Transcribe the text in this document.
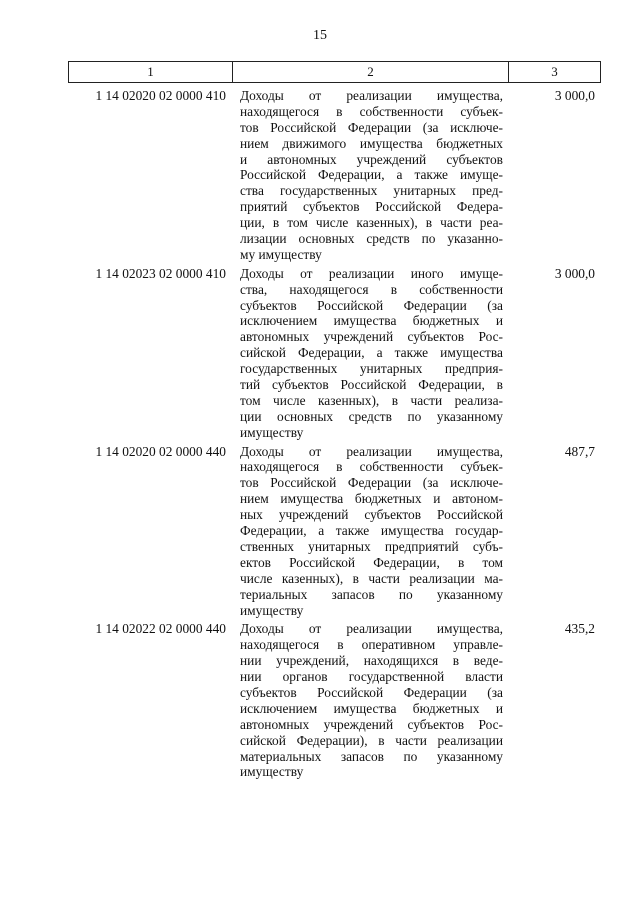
15
1	2	3
1 14 02020 02 0000 410 Доходы от реализации имущества,
находящегося в собственности субъек-
тов Российской Федерации (за исключе-
нием движимого имущества бюджетных
и автономных учреждений субъектов
Российской Федерации, а также имуще-
ства государственных унитарных пред-
приятий субъектов Российской Федера-
ции, в том числе казенных), в части реа-
лизации основных средств по указанно-
му имуществу
3 000,0
1 14 02023 02 0000 410 Доходы от реализации иного имуще-
ства, находящегося в собственности
субъектов Российской Федерации (за
исключением имущества бюджетных и
автономных учреждений субъектов Рос-
сийской Федерации, а также имущества
государственных унитарных предприя-
тий субъектов Российской Федерации, в
том числе казенных), в части реализа-
ции основных средств по указанному
имуществу
3 000,0
1 14 02020 02 0000 440 Доходы от реализации имущества,
находящегося в собственности субъек-
тов Российской Федерации (за исключе-
нием имущества бюджетных и автоном-
ных учреждений субъектов Российской
Федерации, а также имущества государ-
ственных унитарных предприятий субъ-
ектов Российской Федерации, в том
числе казенных), в части реализации ма-
териальных запасов по указанному
имуществу
487,7
1 14 02022 02 0000 440 Доходы от реализации имущества,
находящегося в оперативном управле-
нии учреждений, находящихся в веде-
нии органов государственной власти
субъектов Российской Федерации (за
исключением имущества бюджетных и
автономных учреждений субъектов Рос-
сийской Федерации), в части реализации
материальных запасов по указанному
имуществу
435,2
